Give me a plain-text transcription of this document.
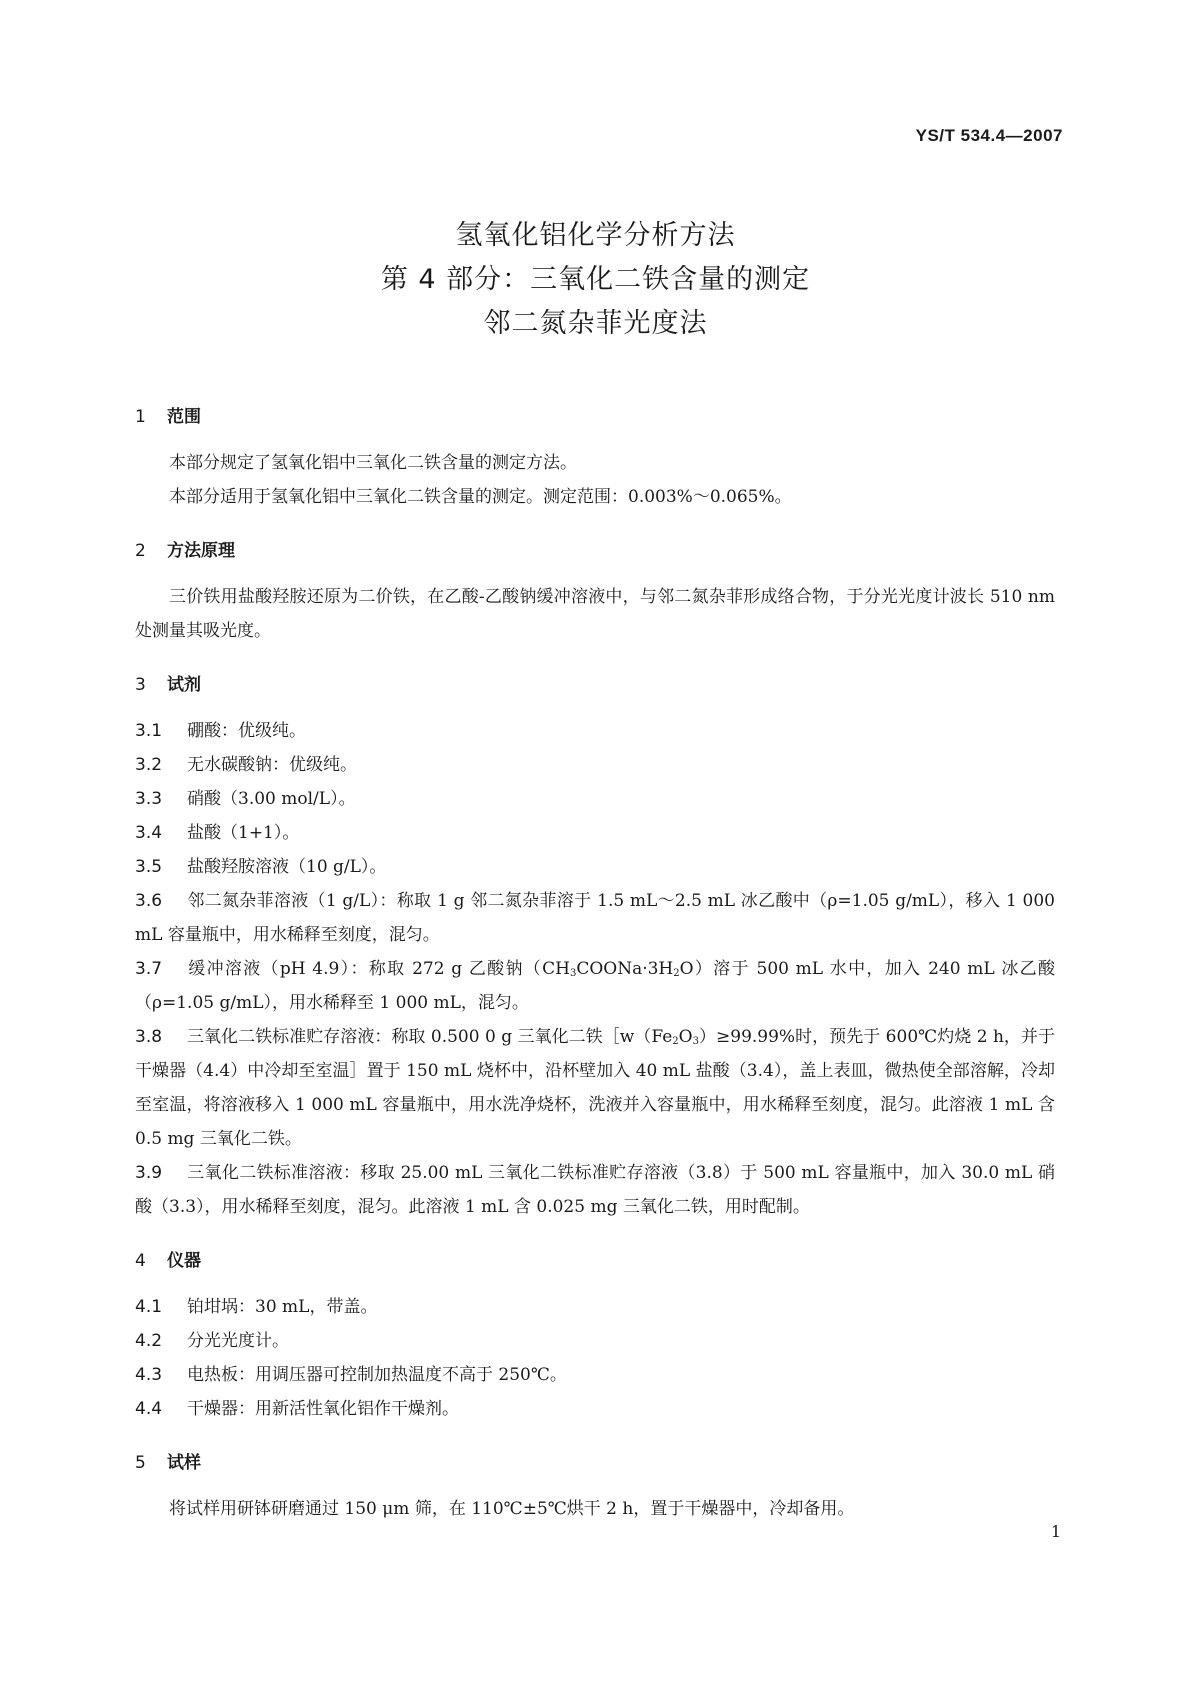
YS/T 534.4—2007
氢氧化铝化学分析方法
第 4 部分：三氧化二铁含量的测定
邻二氮杂菲光度法
1 范围
本部分规定了氢氧化铝中三氧化二铁含量的测定方法。
本部分适用于氢氧化铝中三氧化二铁含量的测定。测定范围：0.003%～0.065%。
2 方法原理
三价铁用盐酸羟胺还原为二价铁，在乙酸-乙酸钠缓冲溶液中，与邻二氮杂菲形成络合物，于分光光度计波长 510 nm 处测量其吸光度。
3 试剂
3.1 硼酸：优级纯。
3.2 无水碳酸钠：优级纯。
3.3 硝酸（3.00 mol/L）。
3.4 盐酸（1+1）。
3.5 盐酸羟胺溶液（10 g/L）。
3.6 邻二氮杂菲溶液（1 g/L）：称取 1 g 邻二氮杂菲溶于 1.5 mL～2.5 mL 冰乙酸中（ρ=1.05 g/mL），移入 1 000 mL 容量瓶中，用水稀释至刻度，混匀。
3.7 缓冲溶液（pH 4.9）：称取 272 g 乙酸钠$(CH_3COONa\cdot 3H_2O)$溶于 500 mL 水中，加入 240 mL 冰乙酸（ρ=1.05 g/mL），用水稀释至 1 000 mL，混匀。
3.8 三氧化二铁标准贮存溶液：称取 0.500 0 g 三氧化二铁$[w(Fe_2O_3)\ge 99.99\%$时，预先于 600℃灼烧 2 h，并于干燥器（4.4）中冷却至室温］置于 150 mL 烧杯中，沿杯壁加入 40 mL 盐酸（3.4），盖上表皿，微热使全部溶解，冷却至室温，将溶液移入 1 000 mL 容量瓶中，用水洗净烧杯，洗液并入容量瓶中，用水稀释至刻度，混匀。此溶液 1 mL 含 0.5 mg 三氧化二铁。
3.9 三氧化二铁标准溶液：移取 25.00 mL 三氧化二铁标准贮存溶液（3.8）于 500 mL 容量瓶中，加入 30.0 mL 硝酸（3.3），用水稀释至刻度，混匀。此溶液 1 mL 含 0.025 mg 三氧化二铁，用时配制。
4 仪器
4.1 铂坩埚：30 mL，带盖。
4.2 分光光度计。
4.3 电热板：用调压器可控制加热温度不高于 250℃。
4.4 干燥器：用新活性氧化铝作干燥剂。
5 试样
将试样用研钵研磨通过 150 μm 筛，在 110℃±5℃烘干 2 h，置于干燥器中，冷却备用。
1
